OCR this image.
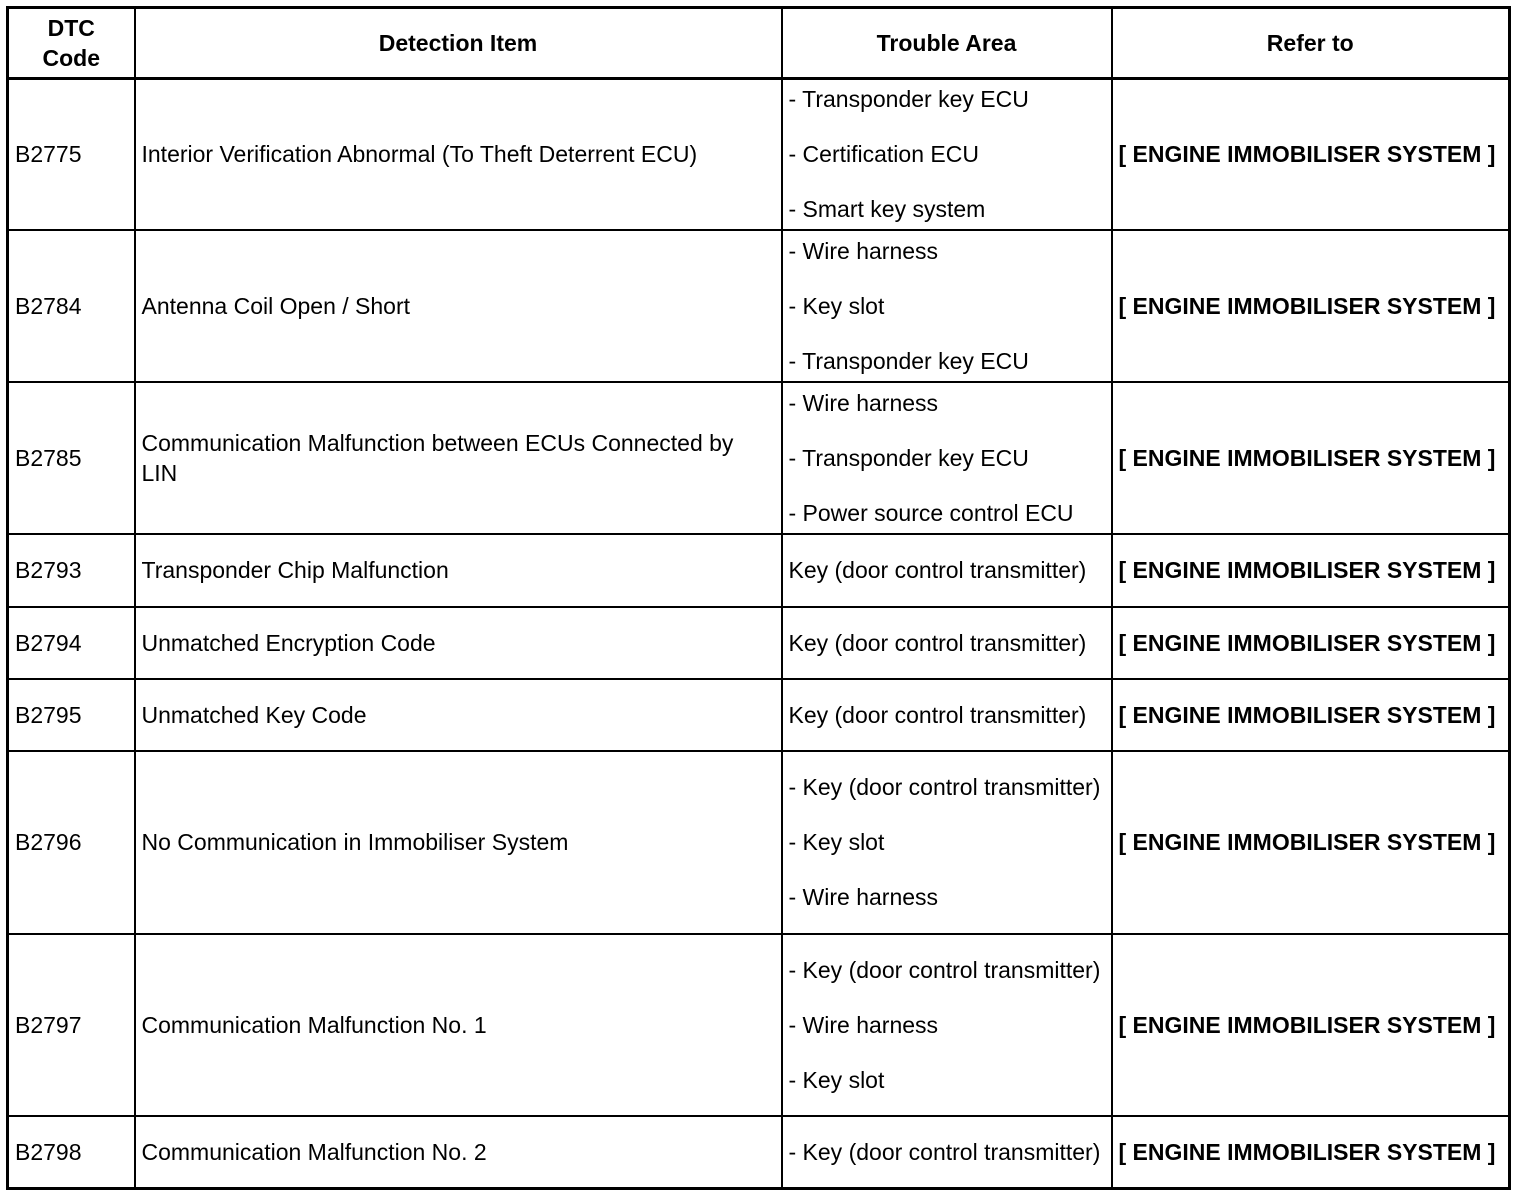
DTC Code	Detection Item	Trouble Area	Refer to
B2775	Interior Verification Abnormal (To Theft Deterrent ECU)	- Transponder key ECU
- Certification ECU
- Smart key system	[ ENGINE IMMOBILISER SYSTEM ]
B2784	Antenna Coil Open / Short	- Wire harness
- Key slot
- Transponder key ECU	[ ENGINE IMMOBILISER SYSTEM ]
B2785	Communication Malfunction between ECUs Connected by LIN	- Wire harness
- Transponder key ECU
- Power source control ECU	[ ENGINE IMMOBILISER SYSTEM ]
B2793	Transponder Chip Malfunction	Key (door control transmitter)	[ ENGINE IMMOBILISER SYSTEM ]
B2794	Unmatched Encryption Code	Key (door control transmitter)	[ ENGINE IMMOBILISER SYSTEM ]
B2795	Unmatched Key Code	Key (door control transmitter)	[ ENGINE IMMOBILISER SYSTEM ]
B2796	No Communication in Immobiliser System	- Key (door control transmitter)
- Key slot
- Wire harness	[ ENGINE IMMOBILISER SYSTEM ]
B2797	Communication Malfunction No. 1	- Key (door control transmitter)
- Wire harness
- Key slot	[ ENGINE IMMOBILISER SYSTEM ]
B2798	Communication Malfunction No. 2	- Key (door control transmitter)	[ ENGINE IMMOBILISER SYSTEM ]
